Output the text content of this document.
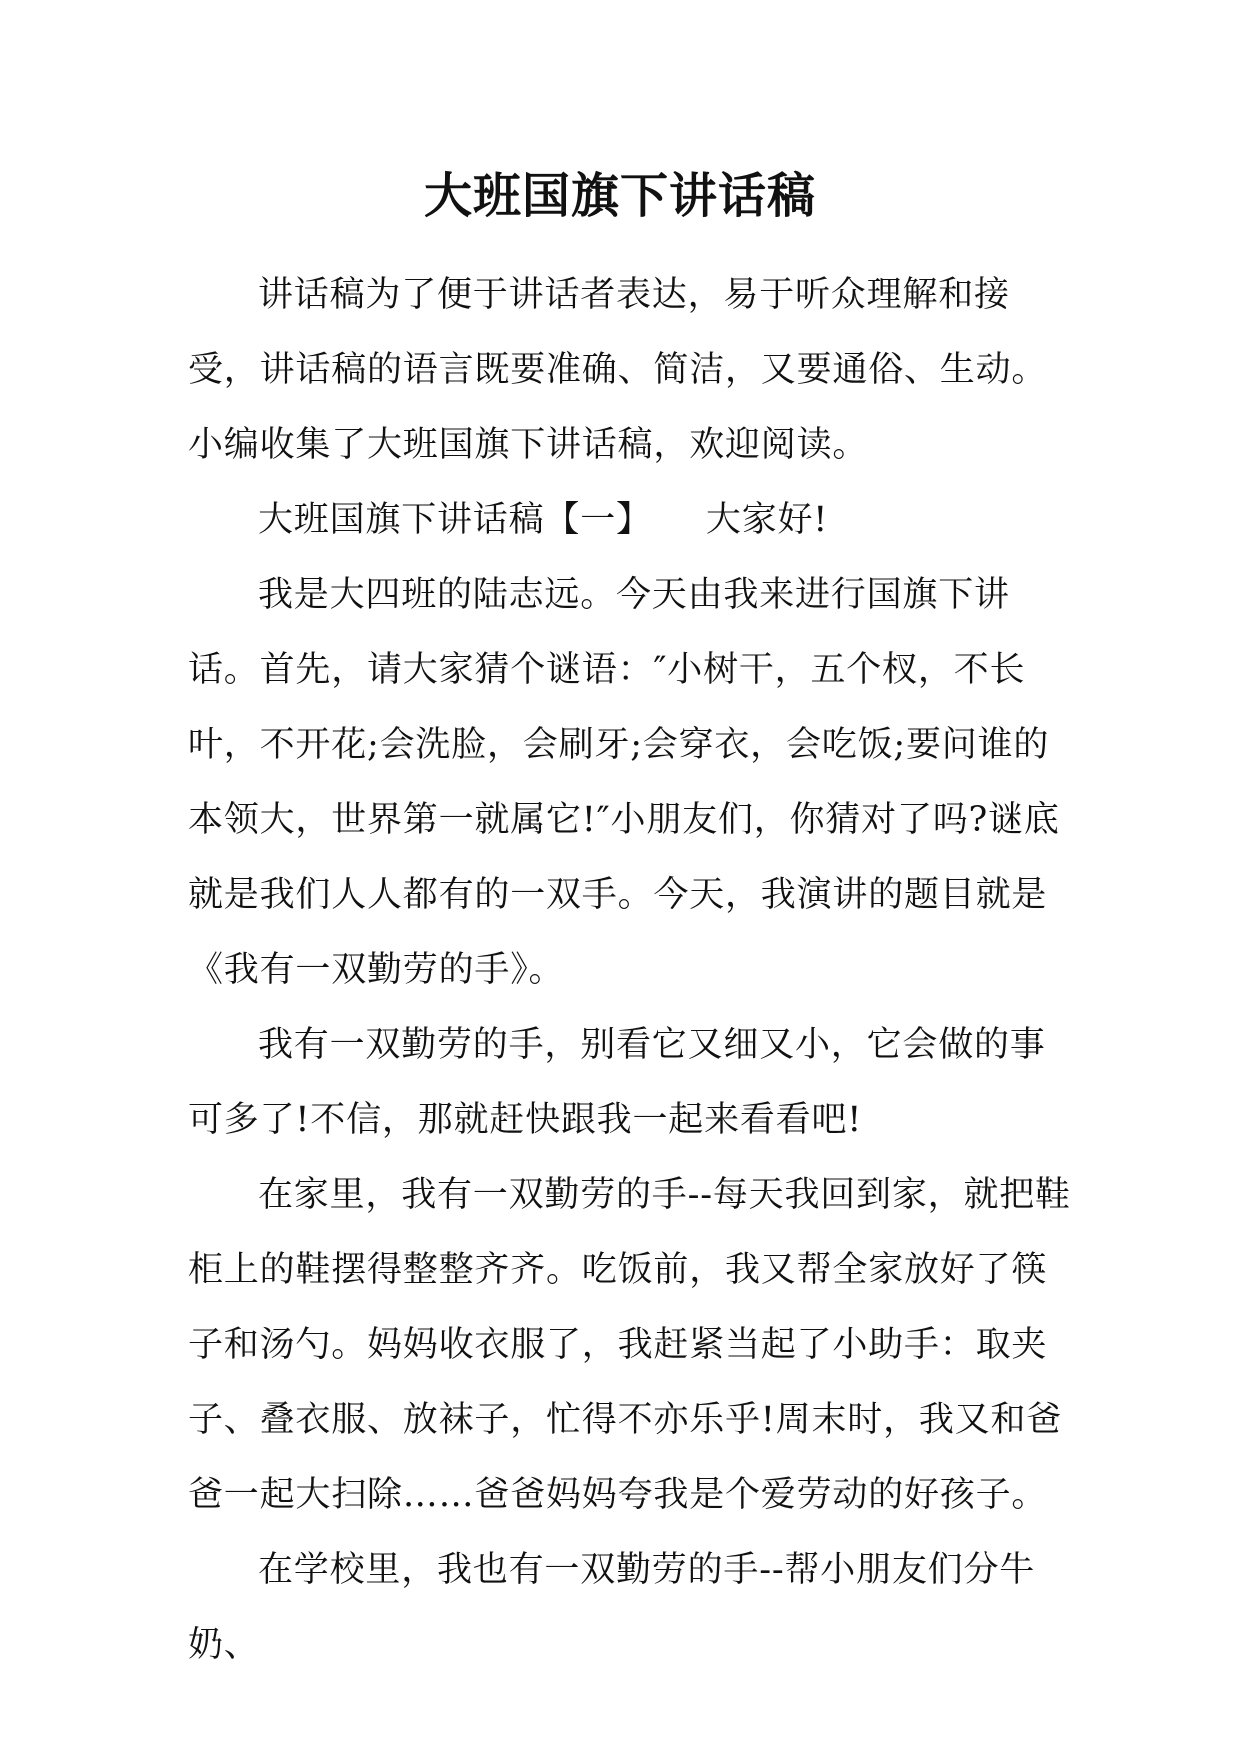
大班国旗下讲话稿

讲话稿为了便于讲话者表达，易于听众理解和接受，讲话稿的语言既要准确、简洁，又要通俗、生动。小编收集了大班国旗下讲话稿，欢迎阅读。

大班国旗下讲话稿【一】　　大家好!

我是大四班的陆志远。今天由我来进行国旗下讲话。首先，请大家猜个谜语：″小树干，五个杈，不长叶，不开花;会洗脸，会刷牙;会穿衣，会吃饭;要问谁的本领大，世界第一就属它!″小朋友们，你猜对了吗?谜底就是我们人人都有的一双手。今天，我演讲的题目就是《我有一双勤劳的手》。

我有一双勤劳的手，别看它又细又小，它会做的事可多了!不信，那就赶快跟我一起来看看吧!

在家里，我有一双勤劳的手--每天我回到家，就把鞋柜上的鞋摆得整整齐齐。吃饭前，我又帮全家放好了筷子和汤勺。妈妈收衣服了，我赶紧当起了小助手：取夹子、叠衣服、放袜子，忙得不亦乐乎!周末时，我又和爸爸一起大扫除……爸爸妈妈夸我是个爱劳动的好孩子。

在学校里，我也有一双勤劳的手--帮小朋友们分牛奶、
